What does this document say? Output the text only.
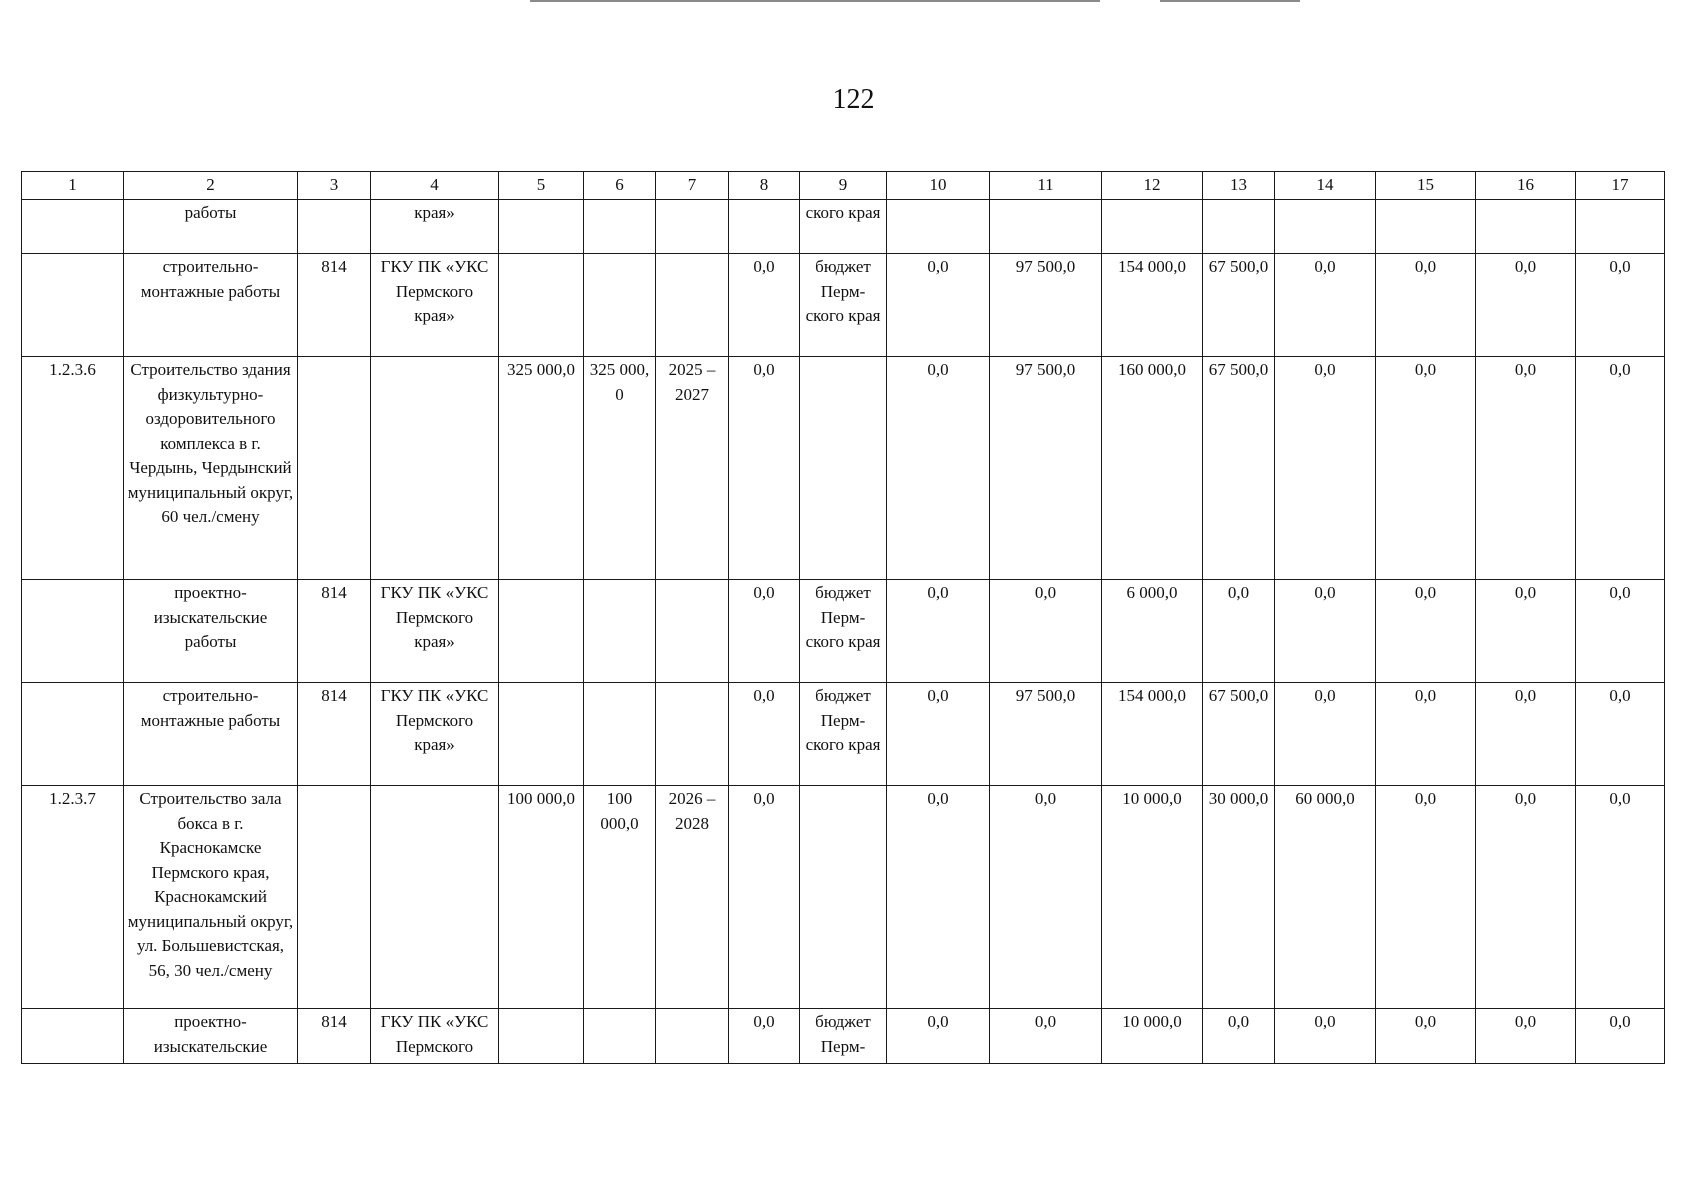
122
1	2	3	4	5	6	7	8	9	10	11	12	13	14	15	16	17
	работы		края»					ского края								
	строительно-монтажные работы	814	ГКУ ПК «УКС Пермского края»				0,0	бюджет Перм-ского края	0,0	97 500,0	154 000,0	67 500,0	0,0	0,0	0,0	0,0
1.2.3.6	Строительство здания физкультурно-оздоровительного комплекса в г. Чердынь, Чердынский муниципальный округ, 60 чел./смену			325 000,0	325 000, 0	2025 – 2027	0,0		0,0	97 500,0	160 000,0	67 500,0	0,0	0,0	0,0	0,0
	проектно-изыскательские работы	814	ГКУ ПК «УКС Пермского края»				0,0	бюджет Перм-ского края	0,0	0,0	6 000,0	0,0	0,0	0,0	0,0	0,0
	строительно-монтажные работы	814	ГКУ ПК «УКС Пермского края»				0,0	бюджет Перм-ского края	0,0	97 500,0	154 000,0	67 500,0	0,0	0,0	0,0	0,0
1.2.3.7	Строительство зала бокса в г. Краснокамске Пермского края, Краснокамский муниципальный округ, ул. Большевистская, 56, 30 чел./смену			100 000,0	100 000,0	2026 – 2028	0,0		0,0	0,0	10 000,0	30 000,0	60 000,0	0,0	0,0	0,0
	проектно-изыскательские	814	ГКУ ПК «УКС Пермского				0,0	бюджет Перм-	0,0	0,0	10 000,0	0,0	0,0	0,0	0,0	0,0
